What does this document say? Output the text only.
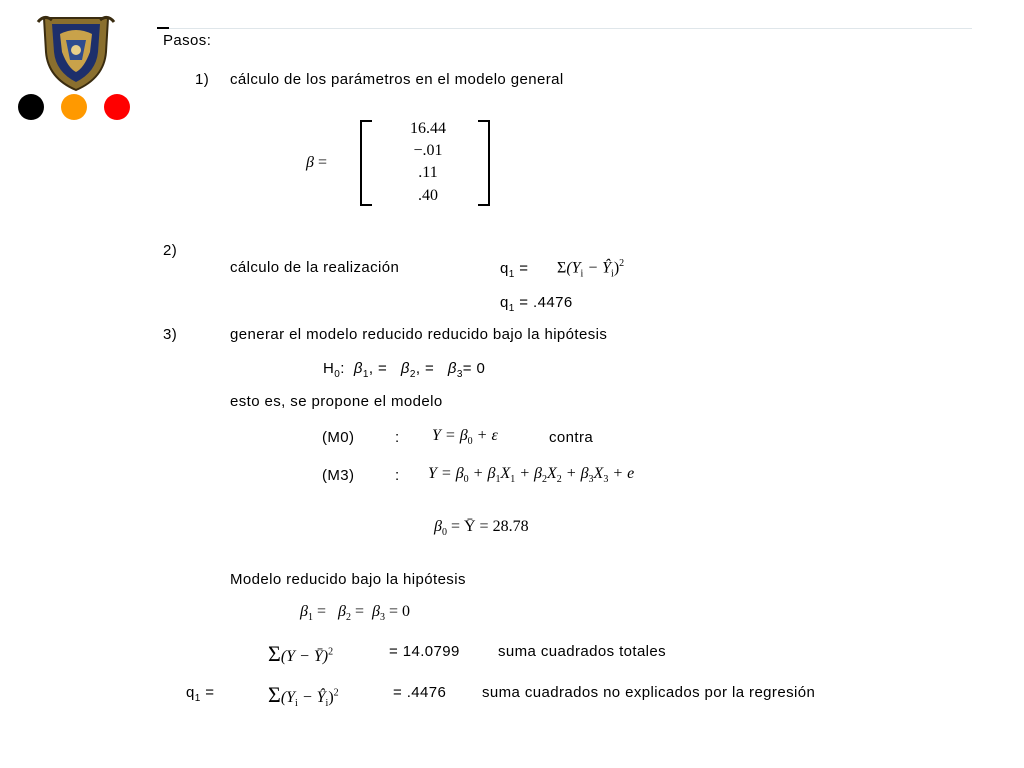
Pasos:
1) cálculo de los parámetros en el modelo general
β =
16.44
−.01
.11
.40
2)
cálculo de la realización	$q_1 = \Sigma(Y_i$ − $Ŷ_i)^2$
$q_1 = .4476$
3)	generar el modelo reducido reducido bajo la hipótesis
$H_0$: $\beta_1$, = $\beta_2$, = $\beta_3= 0$
esto es, se propone el modelo
(M0)	: $Y = \beta_0 + \varepsilon$	contra
(M3)	: $Y = \beta_0 + \beta_1X_1 + \beta_2X_2 + \beta_3X_3 + e$
$\beta_0$ = Ȳ = 28.78
Modelo reducido bajo la hipótesis
$\beta_1 = \beta_2 = \beta_3 = 0$
Σ(Y − Ȳ)$^2$	= 14.0799	suma cuadrados totales
$q_1 = \Sigma(Y_i$ − $Ŷ_i)^2$	= .4476 suma cuadrados no explicados por la regresión
